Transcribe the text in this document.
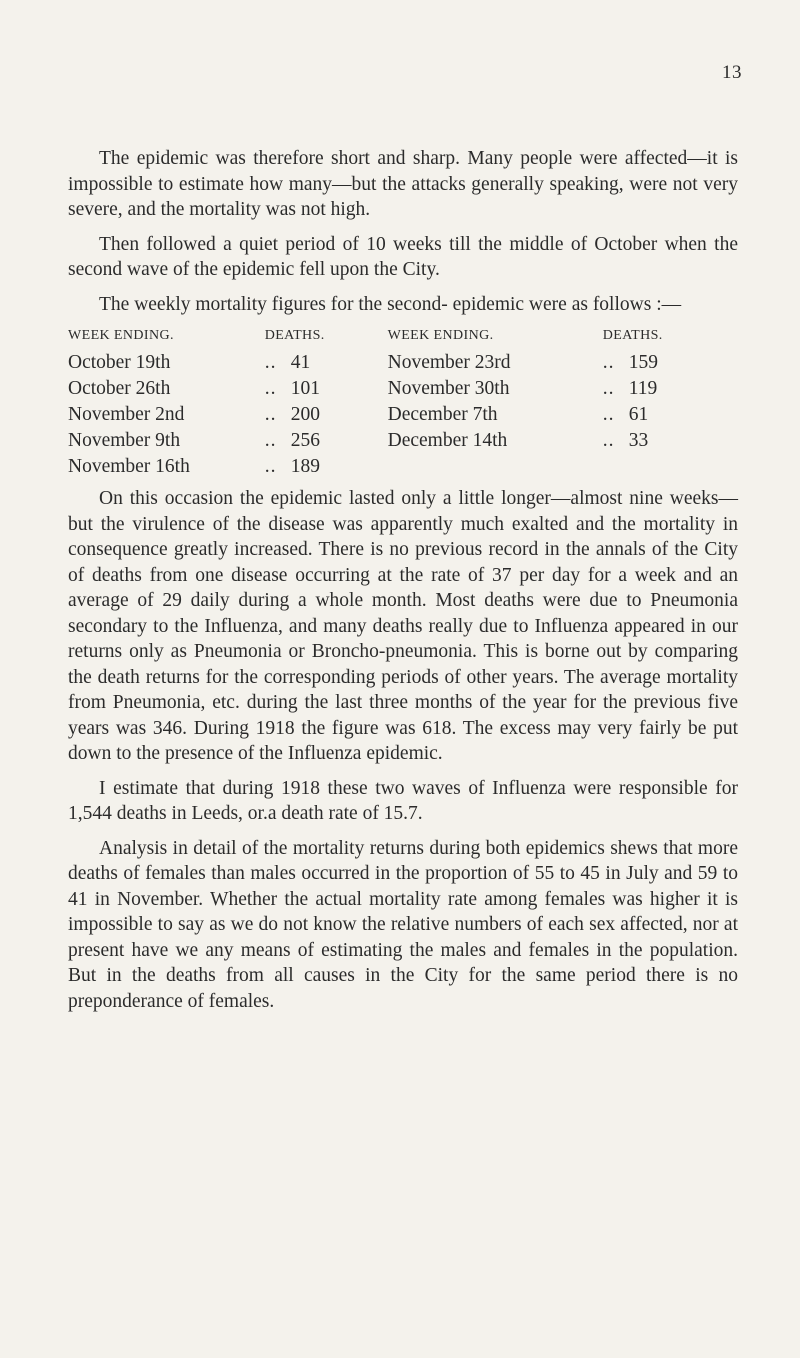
13

The epidemic was therefore short and sharp. Many people were affected—it is impossible to estimate how many—but the attacks generally speaking, were not very severe, and the mortality was not high.

Then followed a quiet period of 10 weeks till the middle of October when the second wave of the epidemic fell upon the City.

The weekly mortality figures for the second- epidemic were as follows :—

WEEK ENDING.	DEATHS.	WEEK ENDING.	DEATHS.
October 19th	.. 41	November 23rd	.. 159
October 26th	.. 101	November 30th	.. 119
November 2nd	.. 200	December 7th	.. 61
November 9th	.. 256	December 14th	.. 33
November 16th	.. 189		

On this occasion the epidemic lasted only a little longer—almost nine weeks—but the virulence of the disease was apparently much exalted and the mortality in consequence greatly increased. There is no previous record in the annals of the City of deaths from one disease occurring at the rate of 37 per day for a week and an average of 29 daily during a whole month. Most deaths were due to Pneumonia secondary to the Influenza, and many deaths really due to Influenza appeared in our returns only as Pneumonia or Broncho-pneumonia. This is borne out by comparing the death returns for the corresponding periods of other years. The average mortality from Pneumonia, etc. during the last three months of the year for the previous five years was 346. During 1918 the figure was 618. The excess may very fairly be put down to the presence of the Influenza epidemic.

I estimate that during 1918 these two waves of Influenza were responsible for 1,544 deaths in Leeds, or.a death rate of 15.7.

Analysis in detail of the mortality returns during both epidemics shews that more deaths of females than males occurred in the proportion of 55 to 45 in July and 59 to 41 in November. Whether the actual mortality rate among females was higher it is impossible to say as we do not know the relative numbers of each sex affected, nor at present have we any means of estimating the males and females in the population. But in the deaths from all causes in the City for the same period there is no preponderance of females.
